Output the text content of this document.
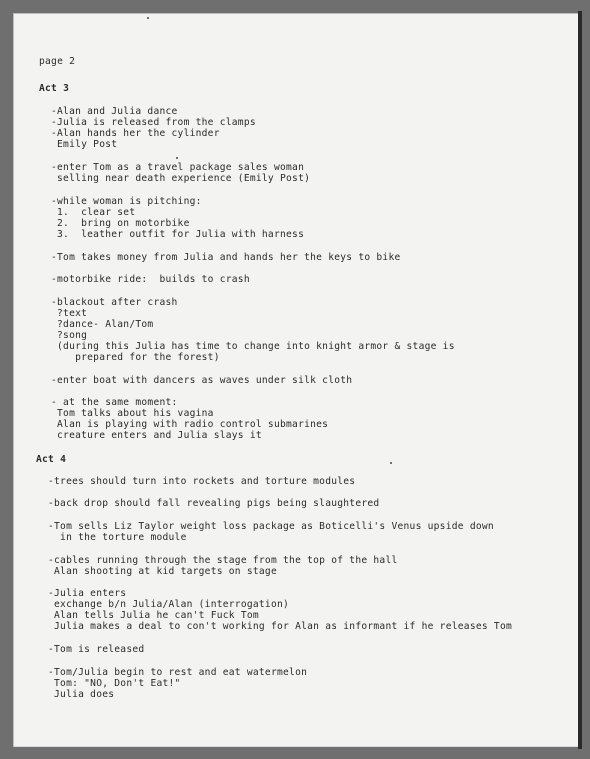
page 2
Act 3
-Alan and Julia dance
-Julia is released from the clamps
-Alan hands her the cylinder
Emily Post
-enter Tom as a travel package sales woman
selling near death experience (Emily Post)
-while woman is pitching:
1.  clear set
2.  bring on motorbike
3.  leather outfit for Julia with harness
-Tom takes money from Julia and hands her the keys to bike
-motorbike ride:  builds to crash
-blackout after crash
?text
?dance- Alan/Tom
?song
(during this Julia has time to change into knight armor & stage is
prepared for the forest)
-enter boat with dancers as waves under silk cloth
- at the same moment:
Tom talks about his vagina
Alan is playing with radio control submarines
creature enters and Julia slays it
Act 4
-trees should turn into rockets and torture modules
-back drop should fall revealing pigs being slaughtered
-Tom sells Liz Taylor weight loss package as Boticelli's Venus upside down
in the torture module
-cables running through the stage from the top of the hall
Alan shooting at kid targets on stage
-Julia enters
exchange b/n Julia/Alan (interrogation)
Alan tells Julia he can't Fuck Tom
Julia makes a deal to con't working for Alan as informant if he releases Tom
-Tom is released
-Tom/Julia begin to rest and eat watermelon
Tom: "NO, Don't Eat!"
Julia does
